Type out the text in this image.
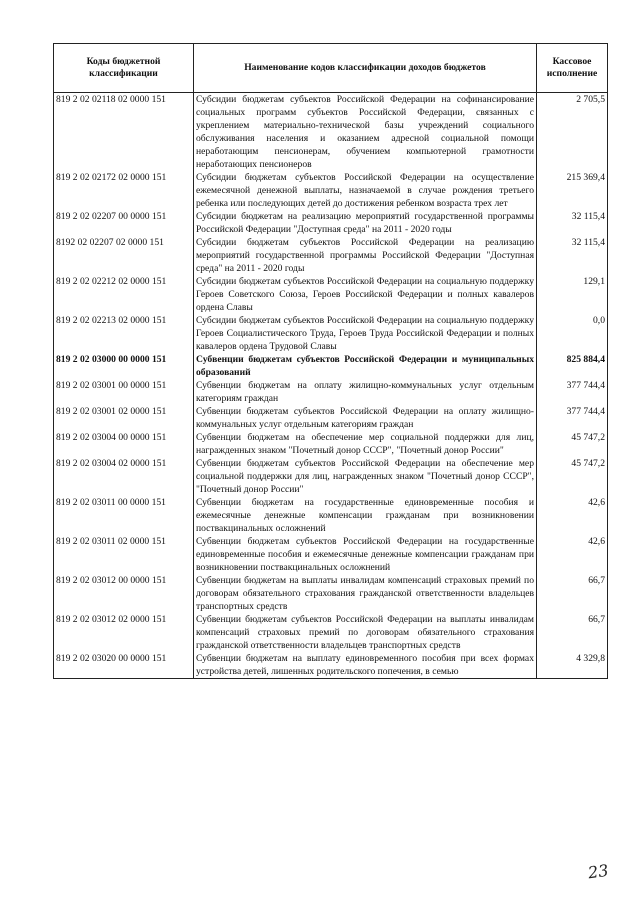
Коды бюджетной классификации	Наименование кодов классификации доходов бюджетов	Кассовое исполнение
819 2 02 02118 02 0000 151	Субсидии бюджетам субъектов Российской Федерации на софинансирование социальных программ субъектов Российской Федерации, связанных с укреплением материально-технической базы учреждений социального обслуживания населения и оказанием адресной социальной помощи неработающим пенсионерам, обучением компьютерной грамотности неработающих пенсионеров	2 705,5
819 2 02 02172 02 0000 151	Субсидии бюджетам субъектов Российской Федерации на осуществление ежемесячной денежной выплаты, назначаемой в случае рождения третьего ребенка или последующих детей до достижения ребенком возраста трех лет	215 369,4
819 2 02 02207 00 0000 151	Субсидии бюджетам на реализацию мероприятий государственной программы Российской Федерации "Доступная среда" на 2011 - 2020 годы	32 115,4
8192 02 02207 02 0000 151	Субсидии бюджетам субъектов Российской Федерации на реализацию мероприятий государственной программы Российской Федерации "Доступная среда" на 2011 - 2020 годы	32 115,4
819 2 02 02212 02 0000 151	Субсидии бюджетам субъектов Российской Федерации на социальную поддержку Героев Советского Союза, Героев Российской Федерации и полных кавалеров ордена Славы	129,1
819 2 02 02213 02 0000 151	Субсидии бюджетам субъектов Российской Федерации на социальную поддержку Героев Социалистического Труда, Героев Труда Российской Федерации и полных кавалеров ордена Трудовой Славы	0,0
819 2 02 03000 00 0000 151	Субвенции бюджетам субъектов Российской Федерации и муниципальных образований	825 884,4
819 2 02 03001 00 0000 151	Субвенции бюджетам на оплату жилищно-коммунальных услуг отдельным категориям граждан	377 744,4
819 2 02 03001 02 0000 151	Субвенции бюджетам субъектов Российской Федерации на оплату жилищно-коммунальных услуг отдельным категориям граждан	377 744,4
819 2 02 03004 00 0000 151	Субвенции бюджетам на обеспечение мер социальной поддержки для лиц, награжденных знаком "Почетный донор СССР", "Почетный донор России"	45 747,2
819 2 02 03004 02 0000 151	Субвенции бюджетам субъектов Российской Федерации на обеспечение мер социальной поддержки для лиц, награжденных знаком "Почетный донор СССР", "Почетный донор России"	45 747,2
819 2 02 03011 00 0000 151	Субвенции бюджетам на государственные единовременные пособия и ежемесячные денежные компенсации гражданам при возникновении поствакцинальных осложнений	42,6
819 2 02 03011 02 0000 151	Субвенции бюджетам субъектов Российской Федерации на государственные единовременные пособия и ежемесячные денежные компенсации гражданам при возникновении поствакцинальных осложнений	42,6
819 2 02 03012 00 0000 151	Субвенции бюджетам на выплаты инвалидам компенсаций страховых премий по договорам обязательного страхования гражданской ответственности владельцев транспортных средств	66,7
819 2 02 03012 02 0000 151	Субвенции бюджетам субъектов Российской Федерации на выплаты инвалидам компенсаций страховых премий по договорам обязательного страхования гражданской ответственности владельцев транспортных средств	66,7
819 2 02 03020 00 0000 151	Субвенции бюджетам на выплату единовременного пособия при всех формах устройства детей, лишенных родительского попечения, в семью	4 329,8
23
